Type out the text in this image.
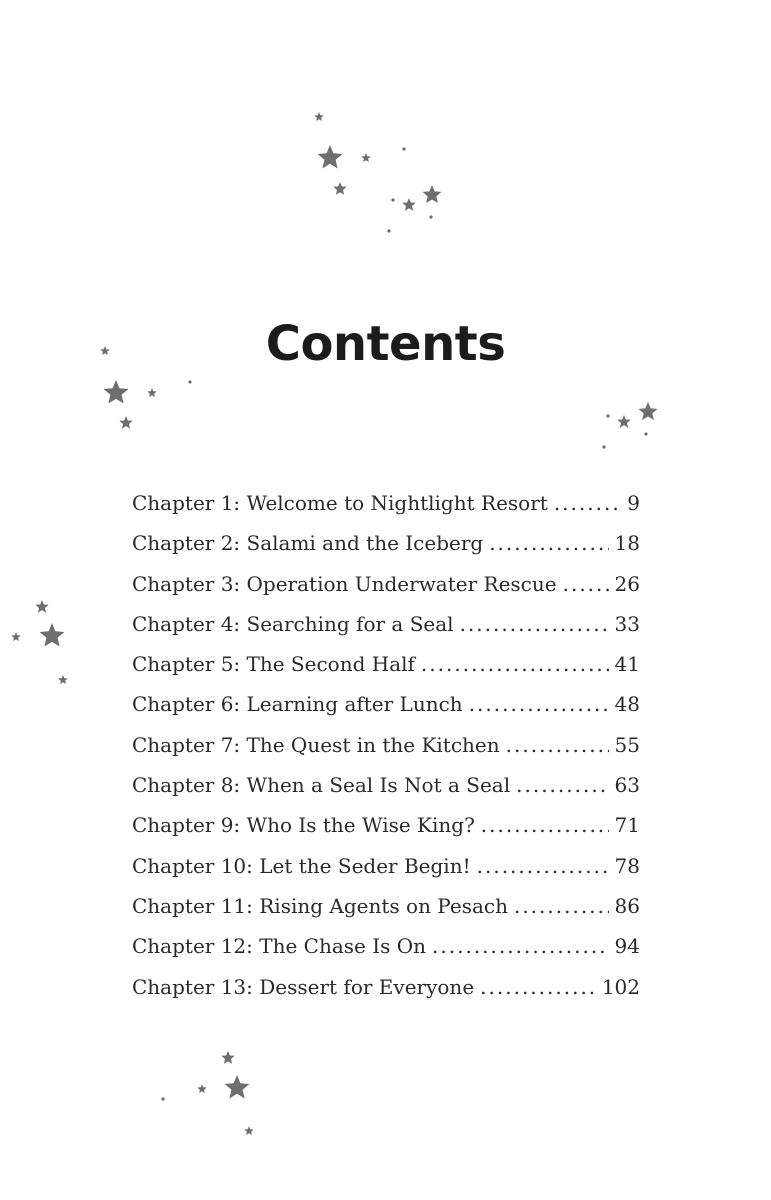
Contents
Chapter 1: Welcome to Nightlight Resort .....	9
Chapter 2: Salami and the Iceberg .....	18
Chapter 3: Operation Underwater Rescue .....	26
Chapter 4: Searching for a Seal .....	33
Chapter 5: The Second Half .....	41
Chapter 6: Learning after Lunch .....	48
Chapter 7: The Quest in the Kitchen .....	55
Chapter 8: When a Seal Is Not a Seal .....	63
Chapter 9: Who Is the Wise King? .....	71
Chapter 10: Let the Seder Begin! .....	78
Chapter 11: Rising Agents on Pesach .....	86
Chapter 12: The Chase Is On .....	94
Chapter 13: Dessert for Everyone .....	102
